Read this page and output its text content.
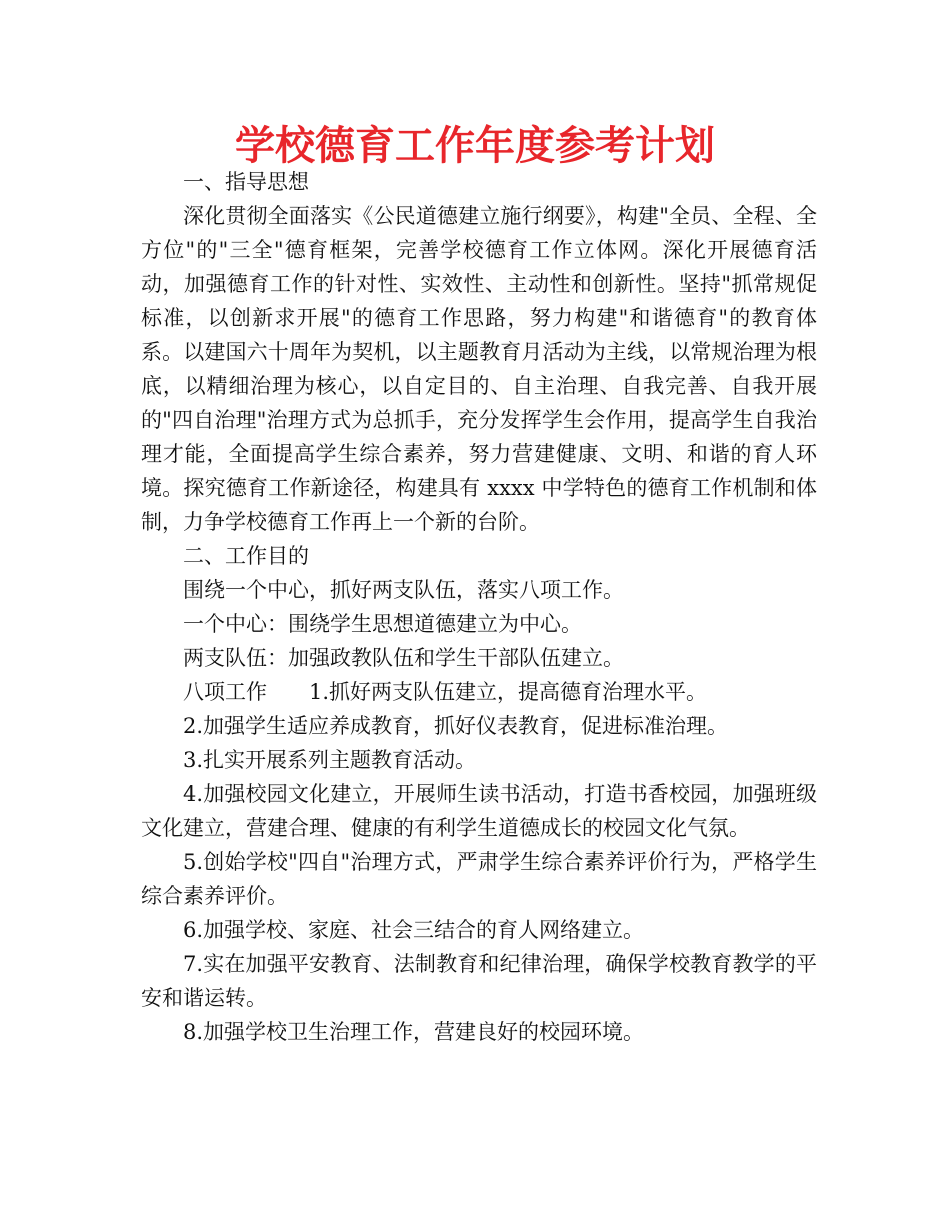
学校德育工作年度参考计划

一、指导思想

深化贯彻全面落实《公民道德建立施行纲要》，构建"全员、全程、全方位"的"三全"德育框架，完善学校德育工作立体网。深化开展德育活动，加强德育工作的针对性、实效性、主动性和创新性。坚持"抓常规促标准，以创新求开展"的德育工作思路，努力构建"和谐德育"的教育体系。以建国六十周年为契机，以主题教育月活动为主线，以常规治理为根底，以精细治理为核心，以自定目的、自主治理、自我完善、自我开展的"四自治理"治理方式为总抓手，充分发挥学生会作用，提高学生自我治理才能，全面提高学生综合素养，努力营建健康、文明、和谐的育人环境。探究德育工作新途径，构建具有 xxxx 中学特色的德育工作机制和体制，力争学校德育工作再上一个新的台阶。

二、工作目的

围绕一个中心，抓好两支队伍，落实八项工作。

一个中心：围绕学生思想道德建立为中心。

两支队伍：加强政教队伍和学生干部队伍建立。

八项工作 1.抓好两支队伍建立，提高德育治理水平。

2.加强学生适应养成教育，抓好仪表教育，促进标准治理。

3.扎实开展系列主题教育活动。

4.加强校园文化建立，开展师生读书活动，打造书香校园，加强班级文化建立，营建合理、健康的有利学生道德成长的校园文化气氛。

5.创始学校"四自"治理方式，严肃学生综合素养评价行为，严格学生综合素养评价。

6.加强学校、家庭、社会三结合的育人网络建立。

7.实在加强平安教育、法制教育和纪律治理，确保学校教育教学的平安和谐运转。

8.加强学校卫生治理工作，营建良好的校园环境。
